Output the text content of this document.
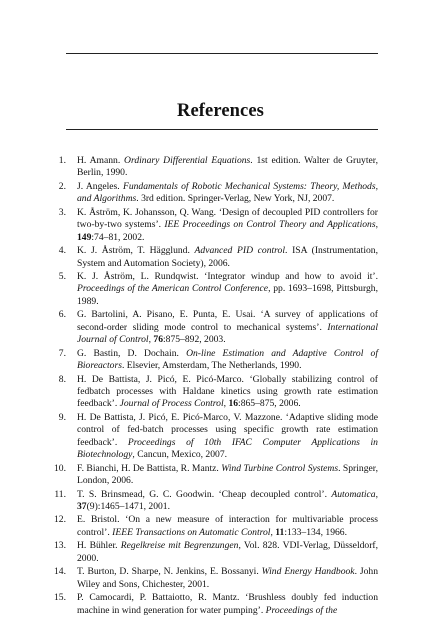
References
1.	H. Amann. Ordinary Differential Equations. 1st edition. Walter de Gruyter, Berlin, 1990.
2.	J. Angeles. Fundamentals of Robotic Mechanical Systems: Theory, Methods, and Algorithms. 3rd edition. Springer-Verlag, New York, NJ, 2007.
3.	K. Åström, K. Johansson, Q. Wang. ‘Design of decoupled PID controllers for two-by-two systems’. IEE Proceedings on Control Theory and Applications, 149:74–81, 2002.
4.	K. J. Åström, T. Hägglund. Advanced PID control. ISA (Instrumentation, System and Automation Society), 2006.
5.	K. J. Åström, L. Rundqwist. ‘Integrator windup and how to avoid it’. Proceedings of the American Control Conference, pp. 1693–1698, Pittsburgh, 1989.
6.	G. Bartolini, A. Pisano, E. Punta, E. Usai. ‘A survey of applications of second-order sliding mode control to mechanical systems’. International Journal of Control, 76:875–892, 2003.
7.	G. Bastin, D. Dochain. On-line Estimation and Adaptive Control of Bioreactors. Elsevier, Amsterdam, The Netherlands, 1990.
8.	H. De Battista, J. Picó, E. Picó-Marco. ‘Globally stabilizing control of fedbatch processes with Haldane kinetics using growth rate estimation feedback’. Journal of Process Control, 16:865–875, 2006.
9.	H. De Battista, J. Picó, E. Picó-Marco, V. Mazzone. ‘Adaptive sliding mode control of fed-batch processes using specific growth rate estimation feedback’. Proceedings of 10th IFAC Computer Applications in Biotechnology, Cancun, Mexico, 2007.
10.	F. Bianchi, H. De Battista, R. Mantz. Wind Turbine Control Systems. Springer, London, 2006.
11.	T. S. Brinsmead, G. C. Goodwin. ‘Cheap decoupled control’. Automatica, 37(9):1465–1471, 2001.
12.	E. Bristol. ‘On a new measure of interaction for multivariable process control’. IEEE Transactions on Automatic Control, 11:133–134, 1966.
13.	H. Bühler. Regelkreise mit Begrenzungen, Vol. 828. VDI-Verlag, Düsseldorf, 2000.
14.	T. Burton, D. Sharpe, N. Jenkins, E. Bossanyi. Wind Energy Handbook. John Wiley and Sons, Chichester, 2001.
15.	P. Camocardi, P. Battaiotto, R. Mantz. ‘Brushless doubly fed induction machine in wind generation for water pumping’. Proceedings of the
